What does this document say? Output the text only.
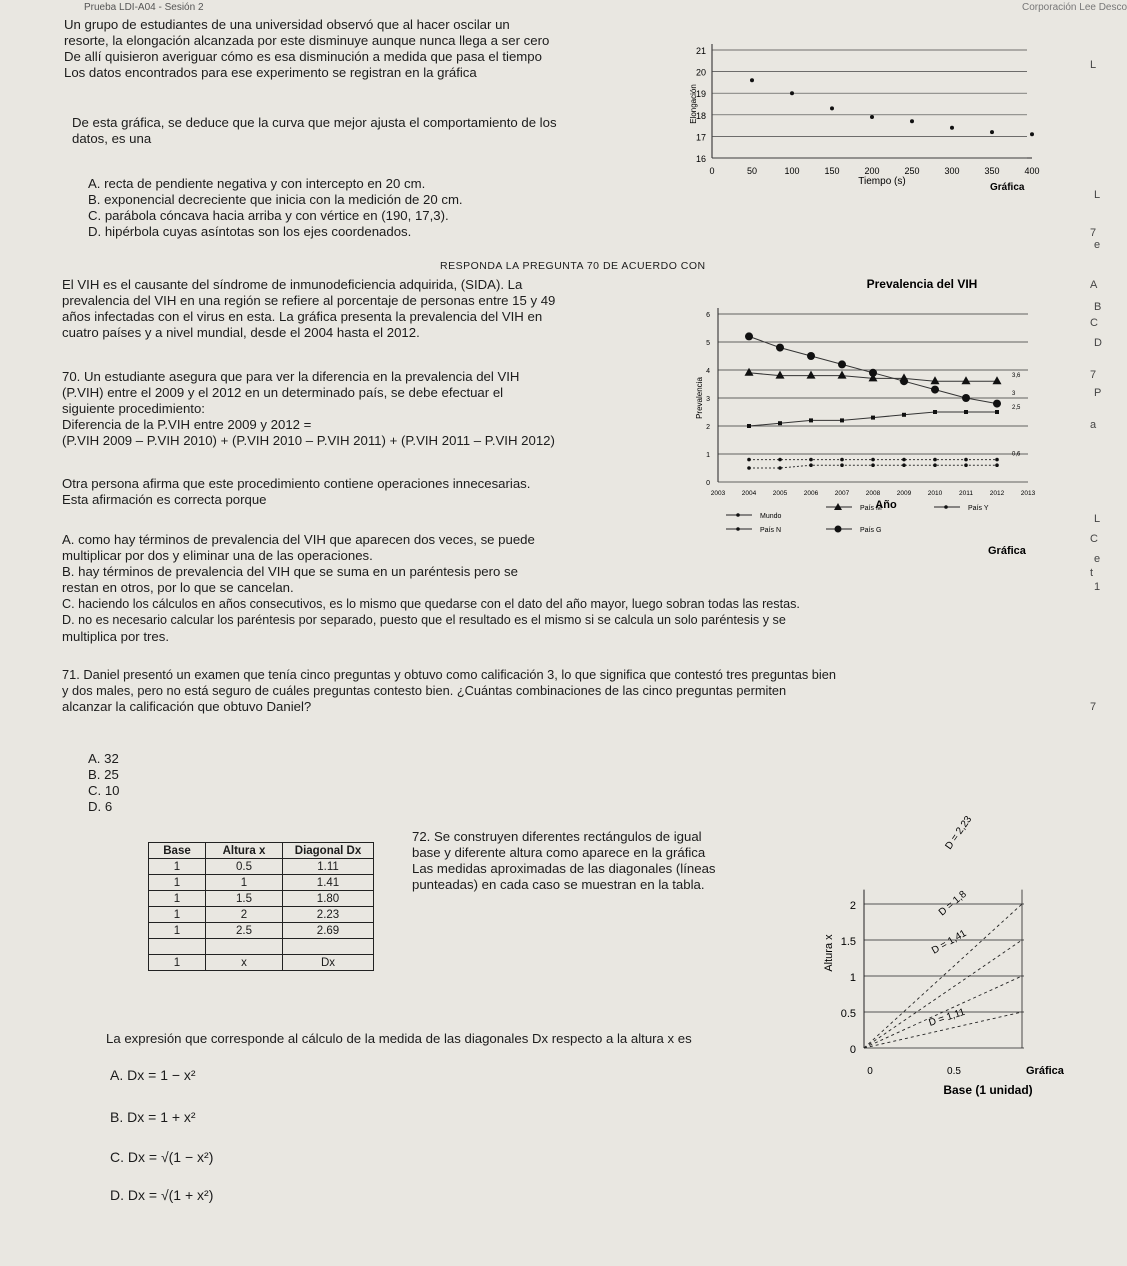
Prueba LDI-A04 - Sesión 2	Corporación Lee Desco
Un grupo de estudiantes de una universidad observó que al hacer oscilar un
resorte, la elongación alcanzada por este disminuye aunque nunca llega a ser cero
De allí quisieron averiguar cómo es esa disminución a medida que pasa el tiempo
Los datos encontrados para ese experimento se registran en la gráfica
De esta gráfica, se deduce que la curva que mejor ajusta el comportamiento de los
datos, es una
A. recta de pendiente negativa y con intercepto en 20 cm.
B. exponencial decreciente que inicia con la medición de 20 cm.
C. parábola cóncava hacia arriba y con vértice en (190, 17,3).
D. hipérbola cuyas asíntotas son los ejes coordenados.
16
17
18
19
20
21
0	50	100	150	200	250	300	350	400
Elongación
Tiempo (s)
Gráfica
RESPONDA LA PREGUNTA 70 DE ACUERDO CON
El VIH es el causante del síndrome de inmunodeficiencia adquirida, (SIDA). La
prevalencia del VIH en una región se refiere al porcentaje de personas entre 15 y 49
años infectadas con el virus en esta. La gráfica presenta la prevalencia del VIH en
cuatro países y a nivel mundial, desde el 2004 hasta el 2012.
70. Un estudiante asegura que para ver la diferencia en la prevalencia del VIH
(P.VIH) entre el 2009 y el 2012 en un determinado país, se debe efectuar el
siguiente procedimiento:
Diferencia de la P.VIH entre 2009 y 2012 =
(P.VIH 2009 – P.VIH 2010) + (P.VIH 2010 – P.VIH 2011) + (P.VIH 2011 – P.VIH 2012)
Otra persona afirma que este procedimiento contiene operaciones innecesarias.
Esta afirmación es correcta porque
A. como hay términos de prevalencia del VIH que aparecen dos veces, se puede
multiplicar por dos y eliminar una de las operaciones.
B. hay términos de prevalencia del VIH que se suma en un paréntesis pero se
restan en otros, por lo que se cancelan.
C. haciendo los cálculos en años consecutivos, es lo mismo que quedarse con el dato del año mayor, luego sobran todas las restas.
D. no es necesario calcular los paréntesis por separado, puesto que el resultado es el mismo si se calcula un solo paréntesis y se
multiplica por tres.
Prevalencia del VIH
0
1
2
3
4
5
6
Prevalencia
2003	2004	2005	2006	2007	2008	2009	2010	2011	2012	2013
Año
3,6
3
2,5
0,6
Mundo
País M	País Y
País N	País G
Gráfica
71. Daniel presentó un examen que tenía cinco preguntas y obtuvo como calificación 3, lo que significa que contestó tres preguntas bien
y dos males, pero no está seguro de cuáles preguntas contesto bien. ¿Cuántas combinaciones de las cinco preguntas permiten
alcanzar la calificación que obtuvo Daniel?
A. 32
B. 25
C. 10
D. 6
Base	Altura x	Diagonal Dx
1	0.5	1.11
1	1	1.41
1	1.5	1.80
1	2	2.23
1	2.5	2.69

1	x	Dx
72. Se construyen diferentes rectángulos de igual
base y diferente altura como aparece en la gráfica
Las medidas aproximadas de las diagonales (líneas
punteadas) en cada caso se muestran en la tabla.
La expresión que corresponde al cálculo de la medida de las diagonales Dx respecto a la altura x es
A. Dx = 1 − x²
B. Dx = 1 + x²
C. Dx = √(1 − x²)
D. Dx = √(1 + x²)
0
0.5
1
1.5
2
D = 1,11
D = 1,41
D = 1,8
D = 2,23
Altura x
0	0.5
Base (1 unidad)
Gráfica
L
L
7
e
A
B
C
D
7
P
a
L
C
e
t
1
7
